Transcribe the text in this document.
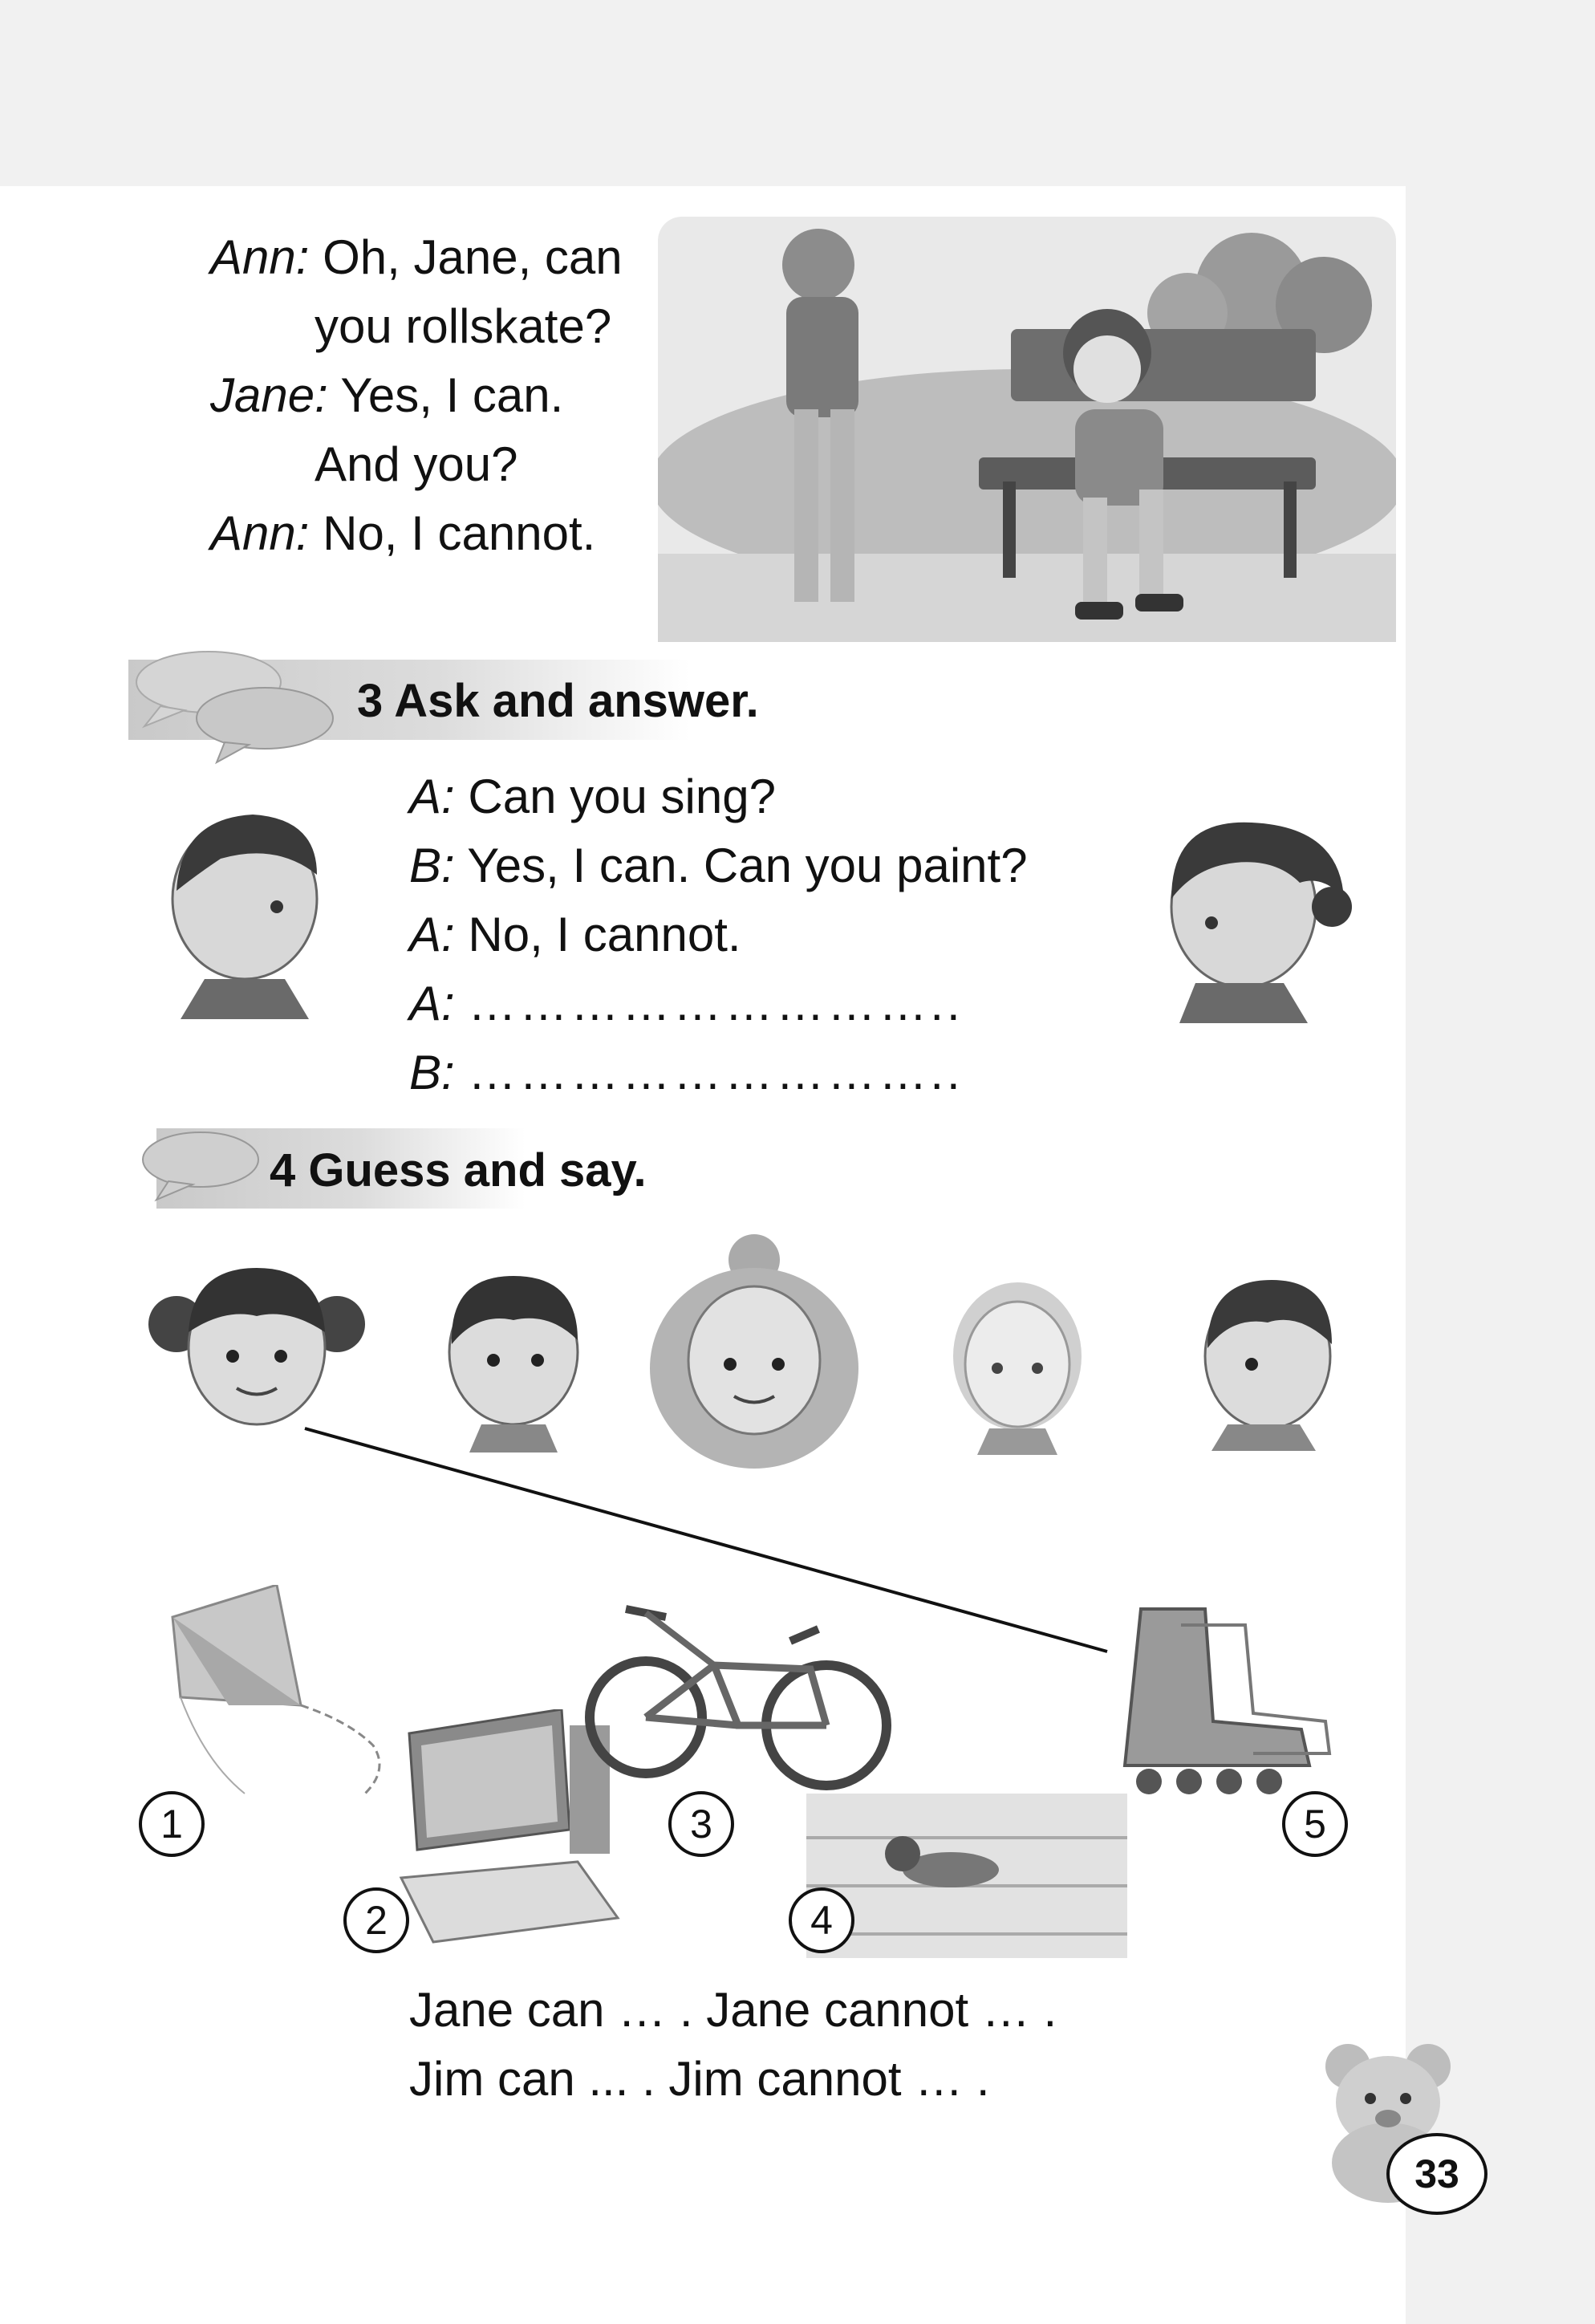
Ann: Oh, Jane, can
you rollskate?
Jane: Yes, I can.
And you?
Ann: No, I cannot.
3 Ask and answer.
A: Can you sing?
B: Yes, I can. Can you paint?
A: No, I cannot.
A: ………………………..
B: ………………………..
4 Guess and say.
1
2
3
4
5
Jane can … . Jane cannot … .
Jim can ... . Jim cannot … .
33
